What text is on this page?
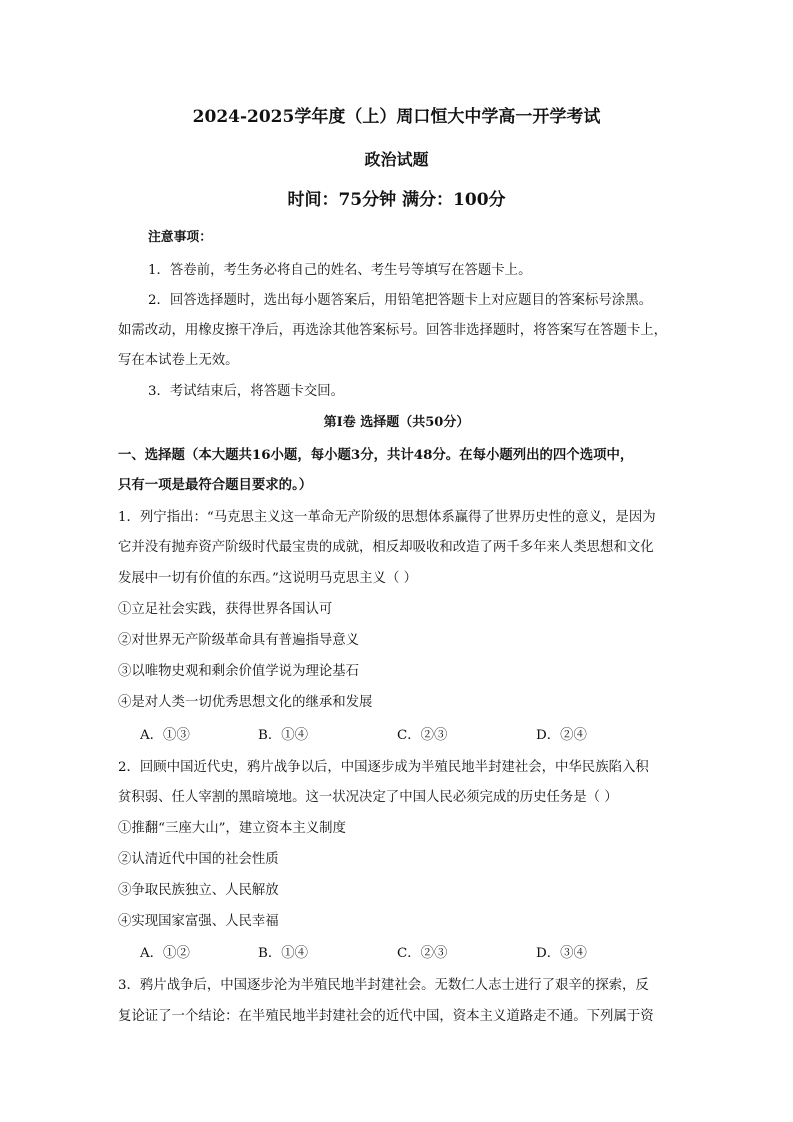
2024-2025学年度（上）周口恒大中学高一开学考试
政治试题
时间：75分钟 满分：100分
注意事项：
1．答卷前，考生务必将自己的姓名、考生号等填写在答题卡上。
2．回答选择题时，选出每小题答案后，用铅笔把答题卡上对应题目的答案标号涂黑。
如需改动，用橡皮擦干净后，再选涂其他答案标号。回答非选择题时，将答案写在答题卡上，
写在本试卷上无效。
3．考试结束后，将答题卡交回。
第Ⅰ卷 选择题（共50分）
一、选择题（本大题共16小题，每小题3分，共计48分。在每小题列出的四个选项中，
只有一项是最符合题目要求的。）
1．列宁指出：“马克思主义这一革命无产阶级的思想体系赢得了世界历史性的意义，是因为
它并没有抛弃资产阶级时代最宝贵的成就，相反却吸收和改造了两千多年来人类思想和文化
发展中一切有价值的东西。”这说明马克思主义（ ）
①立足社会实践，获得世界各国认可
②对世界无产阶级革命具有普遍指导意义
③以唯物史观和剩余价值学说为理论基石
④是对人类一切优秀思想文化的继承和发展
A．①③	B．①④	C．②③	D．②④
2．回顾中国近代史，鸦片战争以后，中国逐步成为半殖民地半封建社会，中华民族陷入积
贫积弱、任人宰割的黑暗境地。这一状况决定了中国人民必须完成的历史任务是（ ）
①推翻“三座大山”，建立资本主义制度
②认清近代中国的社会性质
③争取民族独立、人民解放
④实现国家富强、人民幸福
A．①②	B．①④	C．②③	D．③④
3．鸦片战争后，中国逐步沦为半殖民地半封建社会。无数仁人志士进行了艰辛的探索，反
复论证了一个结论：在半殖民地半封建社会的近代中国，资本主义道路走不通。下列属于资
